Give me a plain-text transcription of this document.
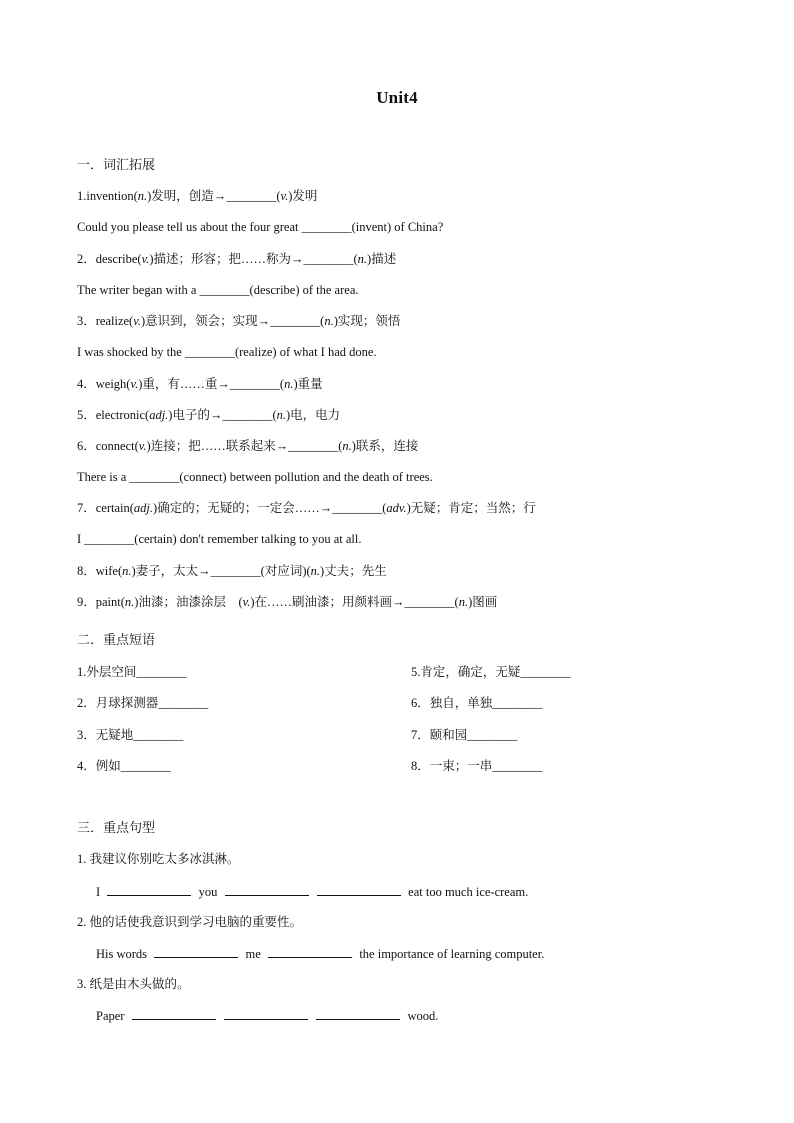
Unit4
一．词汇拓展
1.invention(n.)发明，创造→________(v.)发明
Could you please tell us about the four great ________(invent) of China?
2．describe(v.)描述；形容；把……称为→________(n.)描述
The writer began with a ________(describe) of the area.
3．realize(v.)意识到，领会；实现→________(n.)实现；领悟
I was shocked by the ________(realize) of what I had done.
4．weigh(v.)重，有……重→________(n.)重量
5．electronic(adj.)电子的→________(n.)电，电力
6．connect(v.)连接；把……联系起来→________(n.)联系，连接
There is a ________(connect) between pollution and the death of trees.
7．certain(adj.)确定的；无疑的；一定会……→________(adv.)无疑；肯定；当然；行
I ________(certain) don't remember talking to you at all.
8．wife(n.)妻子，太太→________(对应词)(n.)丈夫；先生
9．paint(n.)油漆；油漆涂层　(v.)在……刷油漆；用颜料画→________(n.)图画
二．重点短语
1.外层空间________
2．月球探测器________
3．无疑地________
4．例如________
5.肯定，确定，无疑________
6．独自，单独________
7．颐和园________
8．一束；一串________
三．重点句型
1. 我建议你别吃太多冰淇淋。
I	you	eat too much ice-cream.
2. 他的话使我意识到学习电脑的重要性。
His words	me	the importance of learning computer.
3. 纸是由木头做的。
Paper	wood.
